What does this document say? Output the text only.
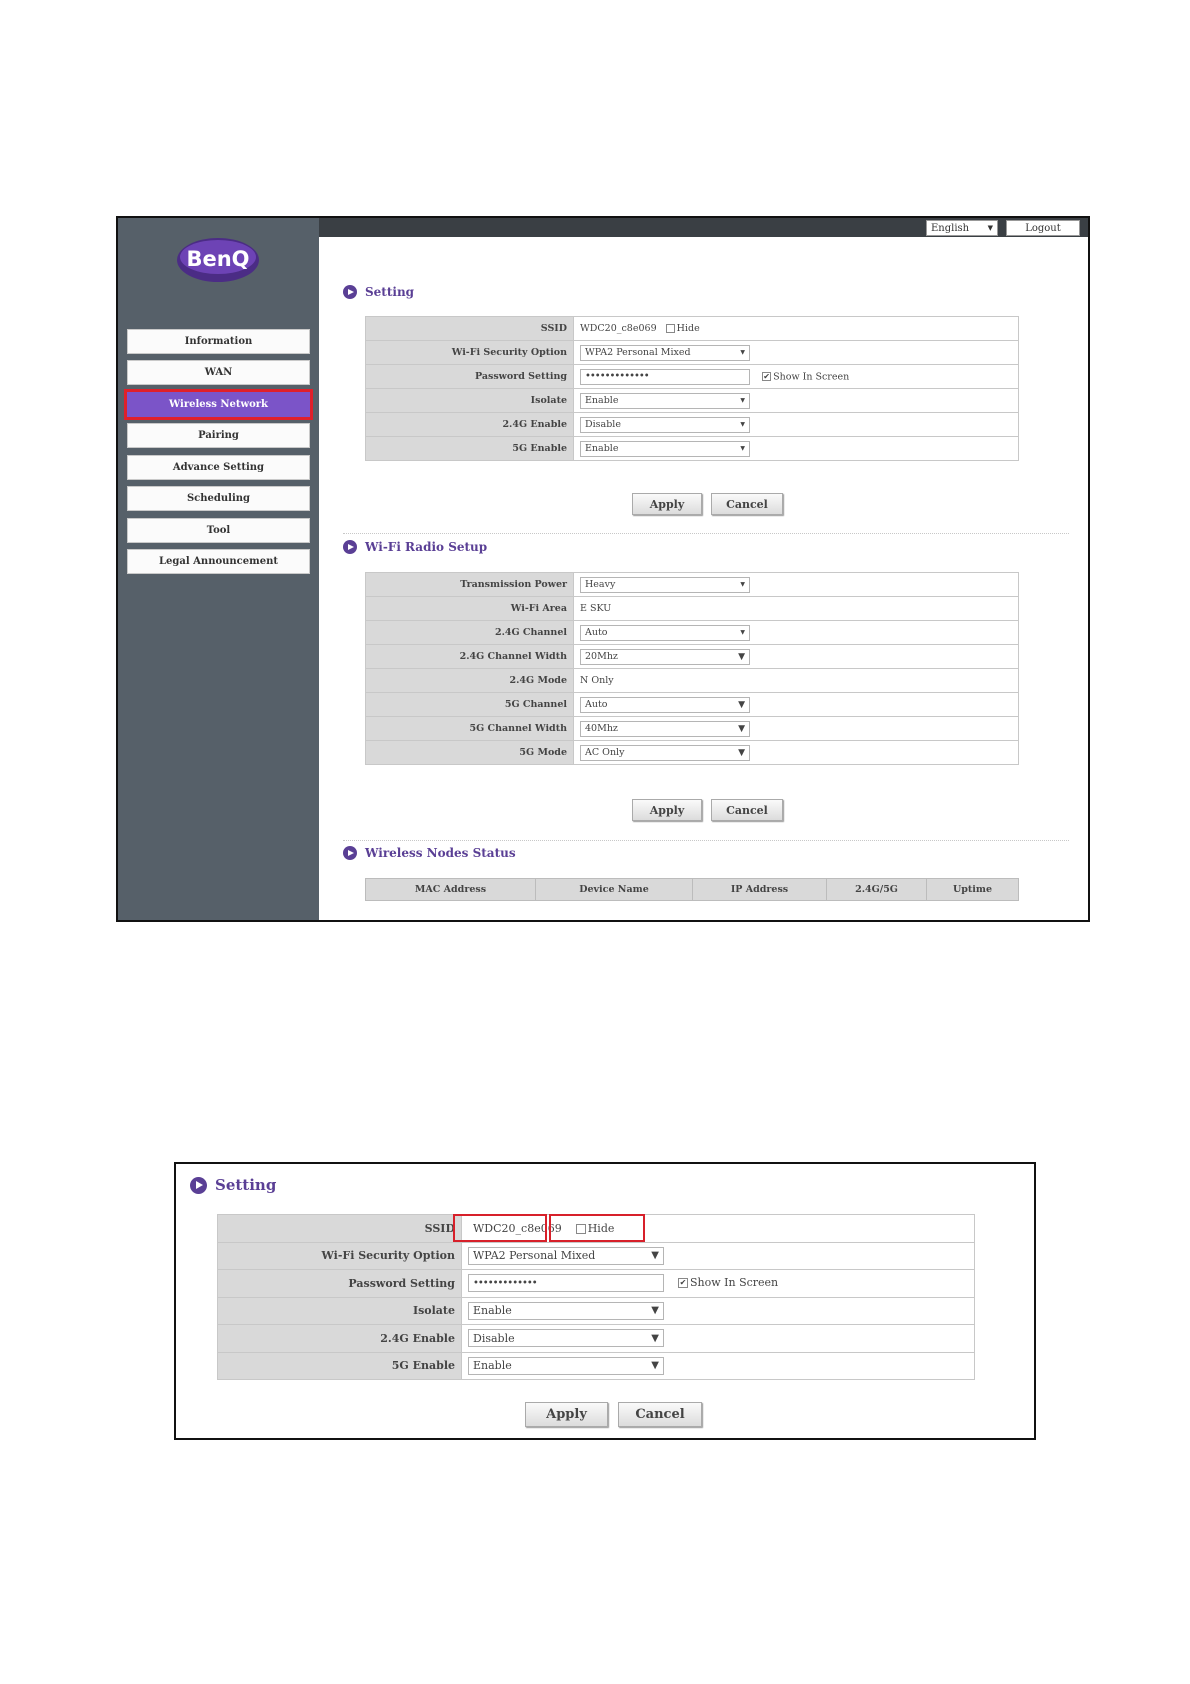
BenQ
Information
WAN
Wireless Network
Pairing
Advance Setting
Scheduling
Tool
Legal Announcement
English	▼	Logout
Setting
SSID	WDC20_c8e069 Hide
Wi-Fi Security Option	WPA2 Personal Mixed ▼

Password Setting	••••••••••••• ✔ Show In Screen
Isolate	Enable ▼

2.4G Enable	Disable ▼

5G Enable	Enable ▼
Apply	Cancel
Wi-Fi Radio Setup
Transmission Power	Heavy ▼

Wi-Fi Area	E SKU
2.4G Channel	Auto ▼

2.4G Channel Width	20Mhz ▼

2.4G Mode	N Only
5G Channel	Auto ▼

5G Channel Width	40Mhz ▼

5G Mode	AC Only ▼
Apply	Cancel
Wireless Nodes Status
MAC Address	Device Name	IP Address	2.4G/5G	Uptime
Setting
SSID	WDC20_c8e069 Hide
Wi-Fi Security Option	WPA2 Personal Mixed ▼

Password Setting	••••••••••••• ✔ Show In Screen
Isolate	Enable ▼

2.4G Enable	Disable ▼

5G Enable	Enable ▼
Apply	Cancel
